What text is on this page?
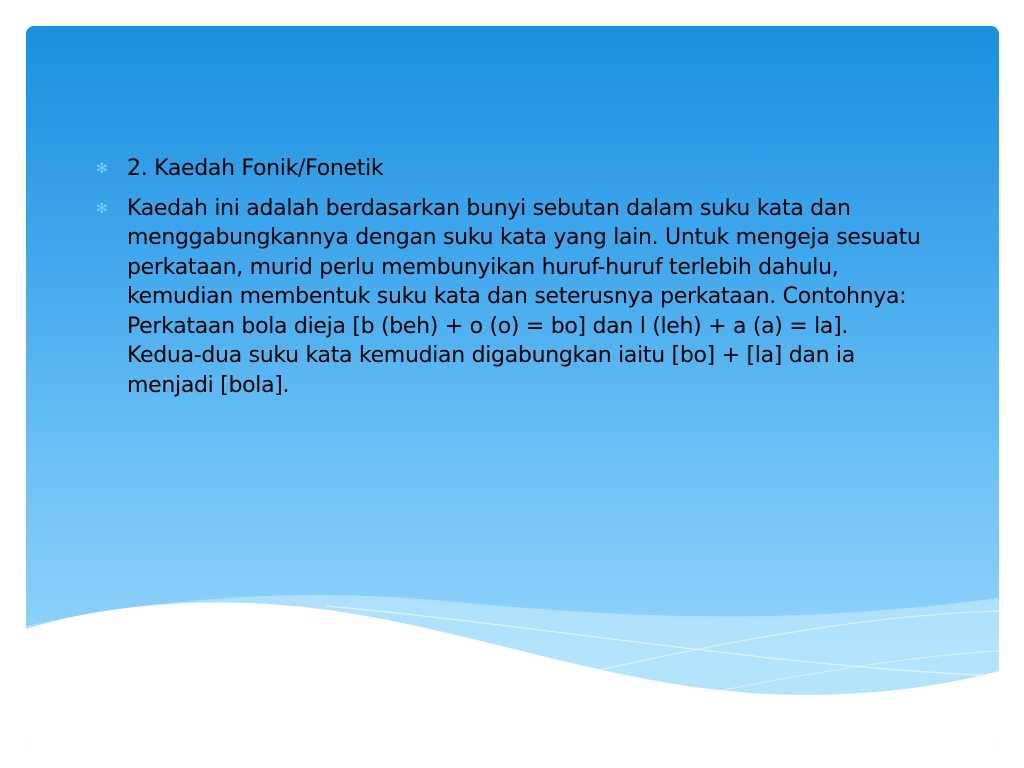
✻ 2. Kaedah Fonik/Fonetik
✻ Kaedah ini adalah berdasarkan bunyi sebutan dalam suku kata dan menggabungkannya dengan suku kata yang lain. Untuk mengeja sesuatu perkataan, murid perlu membunyikan huruf-huruf terlebih dahulu, kemudian membentuk suku kata dan seterusnya perkataan. Contohnya: Perkataan bola dieja [b (beh) + o (o) = bo] dan l (leh) + a (a) = la]. Kedua-dua suku kata kemudian digabungkan iaitu [bo] + [la] dan ia menjadi [bola].
